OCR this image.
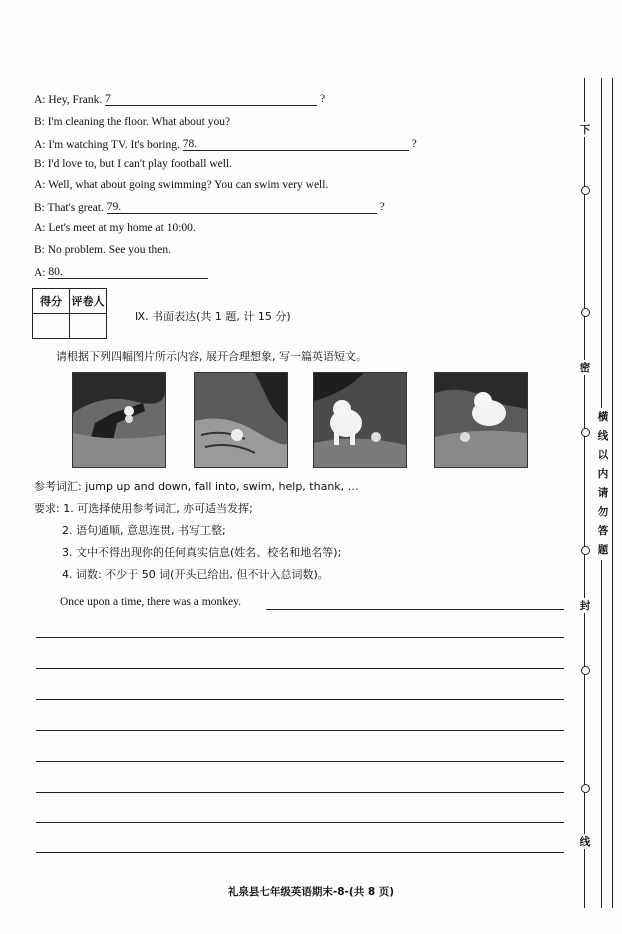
A: Hey, Frank. 7	?
B: I'm cleaning the floor. What about you?
A: I'm watching TV. It's boring. 78.	?
B: I'd love to, but I can't play football well.
A: Well, what about going swimming? You can swim very well.
B: That's great. 79.	?
A: Let's meet at my home at 10:00.
B: No problem. See you then.
A: 80.
得分	评卷人

Ⅸ. 书面表达(共 1 题, 计 15 分)
请根据下列四幅图片所示内容, 展开合理想象, 写一篇英语短文。
参考词汇: jump up and down, fall into, swim, help, thank, …
要求: 1. 可选择使用参考词汇, 亦可适当发挥;
2. 语句通顺, 意思连贯, 书写工整;
3. 文中不得出现你的任何真实信息(姓名、校名和地名等);
4. 词数: 不少于 50 词(开头已给出, 但不计入总词数)。
Once upon a time, there was a monkey.
礼泉县七年级英语期末-8-(共 8 页)
下
密
封
线
横线以内请勿答题
